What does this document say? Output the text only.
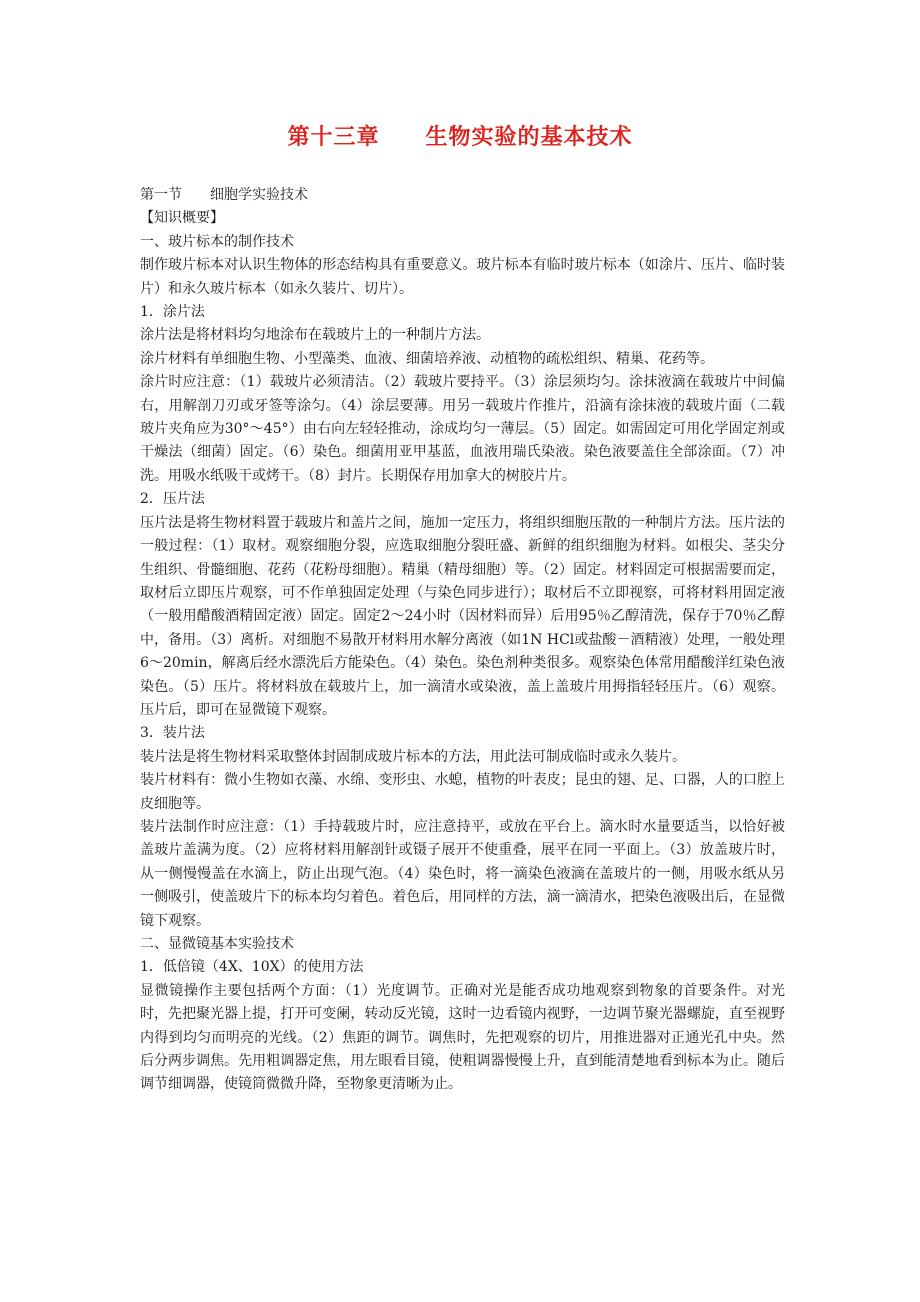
第十三章　　生物实验的基本技术

第一节　　细胞学实验技术

【知识概要】

一、玻片标本的制作技术

制作玻片标本对认识生物体的形态结构具有重要意义。玻片标本有临时玻片标本（如涂片、压片、临时装片）和永久玻片标本（如永久装片、切片）。

1．涂片法

涂片法是将材料均匀地涂布在载玻片上的一种制片方法。

涂片材料有单细胞生物、小型藻类、血液、细菌培养液、动植物的疏松组织、精巢、花药等。

涂片时应注意：（1）载玻片必须清洁。（2）载玻片要持平。（3）涂层须均匀。涂抹液滴在载玻片中间偏右，用解剖刀刃或牙签等涂匀。（4）涂层要薄。用另一载玻片作推片，沿滴有涂抹液的载玻片面（二载玻片夹角应为30°～45°）由右向左轻轻推动，涂成均匀一薄层。（5）固定。如需固定可用化学固定剂或干燥法（细菌）固定。（6）染色。细菌用亚甲基蓝，血液用瑞氏染液。染色液要盖住全部涂面。（7）冲洗。用吸水纸吸干或烤干。（8）封片。长期保存用加拿大的树胶片片。

2．压片法

压片法是将生物材料置于载玻片和盖片之间，施加一定压力，将组织细胞压散的一种制片方法。压片法的一般过程：（1）取材。观察细胞分裂，应选取细胞分裂旺盛、新鲜的组织细胞为材料。如根尖、茎尖分生组织、骨髓细胞、花药（花粉母细胞）。精巢（精母细胞）等。（2）固定。材料固定可根据需要而定，取材后立即压片观察，可不作单独固定处理（与染色同步进行）；取材后不立即视察，可将材料用固定液（一般用醋酸酒精固定液）固定。固定2～24小时（因材料而异）后用95％乙醇清洗，保存于70％乙醇中，备用。（3）离析。对细胞不易散开材料用水解分离液（如1N HCl或盐酸－酒精液）处理，一般处理6～20min，解离后经水漂洗后方能染色。（4）染色。染色剂种类很多。观察染色体常用醋酸洋红染色液染色。（5）压片。将材料放在载玻片上，加一滴清水或染液，盖上盖玻片用拇指轻轻压片。（6）观察。压片后，即可在显微镜下观察。

3．装片法

装片法是将生物材料采取整体封固制成玻片标本的方法，用此法可制成临时或永久装片。

装片材料有：微小生物如衣藻、水绵、变形虫、水螅，植物的叶表皮；昆虫的翅、足、口器，人的口腔上皮细胞等。

装片法制作时应注意：（1）手持载玻片时，应注意持平，或放在平台上。滴水时水量要适当，以恰好被盖玻片盖满为度。（2）应将材料用解剖针或镊子展开不使重叠，展平在同一平面上。（3）放盖玻片时，从一侧慢慢盖在水滴上，防止出现气泡。（4）染色时，将一滴染色液滴在盖玻片的一侧，用吸水纸从另一侧吸引，使盖玻片下的标本均匀着色。着色后，用同样的方法，滴一滴清水，把染色液吸出后，在显微镜下观察。

二、显微镜基本实验技术

1．低倍镜（4X、10X）的使用方法

显微镜操作主要包括两个方面：（1）光度调节。正确对光是能否成功地观察到物象的首要条件。对光时，先把聚光器上提，打开可变阑，转动反光镜，这时一边看镜内视野，一边调节聚光器螺旋，直至视野内得到均匀而明亮的光线。（2）焦距的调节。调焦时，先把观察的切片，用推进器对正通光孔中央。然后分两步调焦。先用粗调器定焦，用左眼看目镜，使粗调器慢慢上升，直到能清楚地看到标本为止。随后调节细调器，使镜筒微微升降，至物象更清晰为止。
